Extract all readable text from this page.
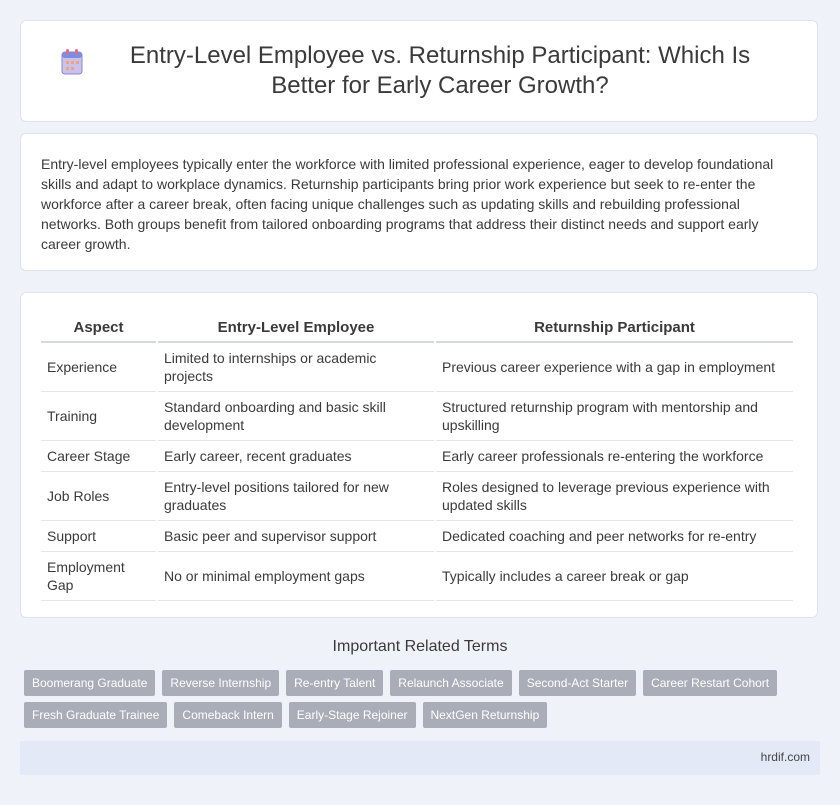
Entry-Level Employee vs. Returnship Participant: Which Is Better for Early Career Growth?

Entry-level employees typically enter the workforce with limited professional experience, eager to develop foundational skills and adapt to workplace dynamics. Returnship participants bring prior work experience but seek to re-enter the workforce after a career break, often facing unique challenges such as updating skills and rebuilding professional networks. Both groups benefit from tailored onboarding programs that address their distinct needs and support early career growth.

Aspect	Entry-Level Employee	Returnship Participant
Experience	Limited to internships or academic projects	Previous career experience with a gap in employment
Training	Standard onboarding and basic skill development	Structured returnship program with mentorship and upskilling
Career Stage	Early career, recent graduates	Early career professionals re-entering the workforce
Job Roles	Entry-level positions tailored for new graduates	Roles designed to leverage previous experience with updated skills
Support	Basic peer and supervisor support	Dedicated coaching and peer networks for re-entry
Employment Gap	No or minimal employment gaps	Typically includes a career break or gap
Important Related Terms
Boomerang Graduate	Reverse Internship	Re-entry Talent	Relaunch Associate	Second-Act Starter	Career Restart Cohort
Fresh Graduate Trainee	Comeback Intern	Early-Stage Rejoiner	NextGen Returnship
hrdif.com
